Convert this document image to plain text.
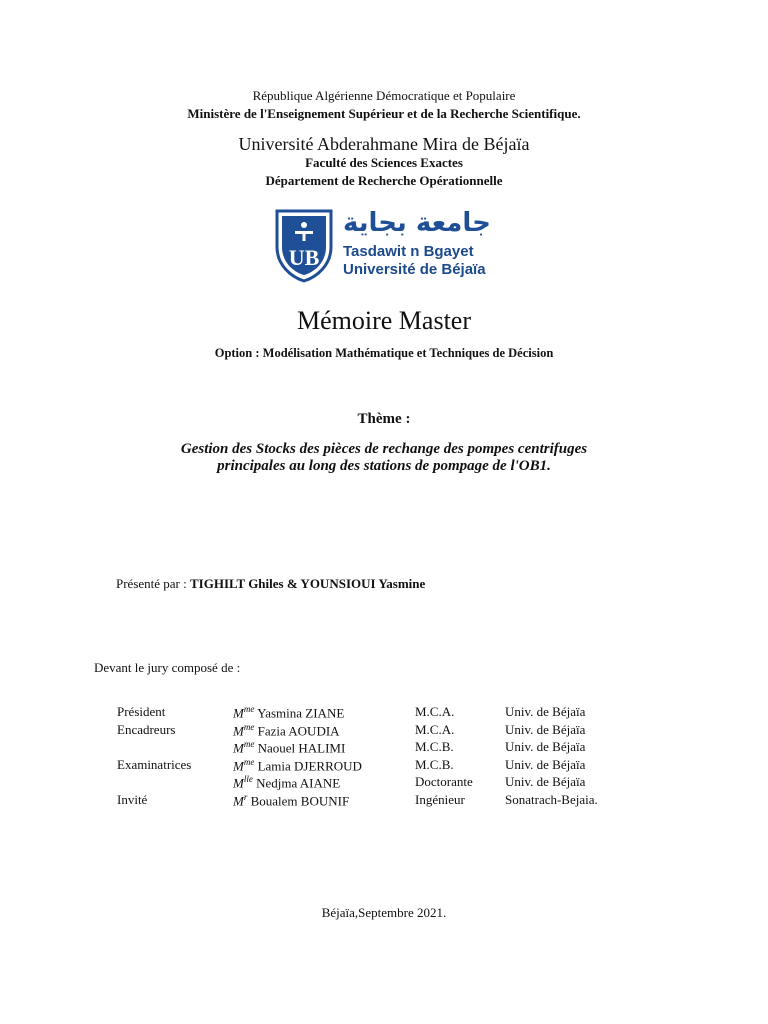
République Algérienne Démocratique et Populaire
Ministère de l'Enseignement Supérieur et de la Recherche Scientifique.
Université Abderahmane Mira de Béjaïa
Faculté des Sciences Exactes
Département de Recherche Opérationnelle
UB
جامعة بجاية
Tasdawit n Bgayet
Université de Béjaïa
Mémoire Master
Option : Modélisation Mathématique et Techniques de Décision
Thème :
Gestion des Stocks des pièces de rechange des pompes centrifuges
principales au long des stations de pompage de l'OB1.
Présenté par : TIGHILT Ghiles & YOUNSIOUI Yasmine
Devant le jury composé de :
Président	$M^{me}$ Yasmina ZIANE	M.C.A.	Univ. de Béjaïa
Encadreurs	$M^{me}$ Fazia AOUDIA	M.C.A.	Univ. de Béjaïa
	$M^{me}$ Naouel HALIMI	M.C.B.	Univ. de Béjaïa
Examinatrices	$M^{me}$ Lamia DJERROUD	M.C.B.	Univ. de Béjaïa
	$M^{lle}$ Nedjma AIANE	Doctorante	Univ. de Béjaïa
Invité	$M^r$ Boualem BOUNIF	Ingénieur	Sonatrach-Bejaia.
Béjaïa,Septembre 2021.
